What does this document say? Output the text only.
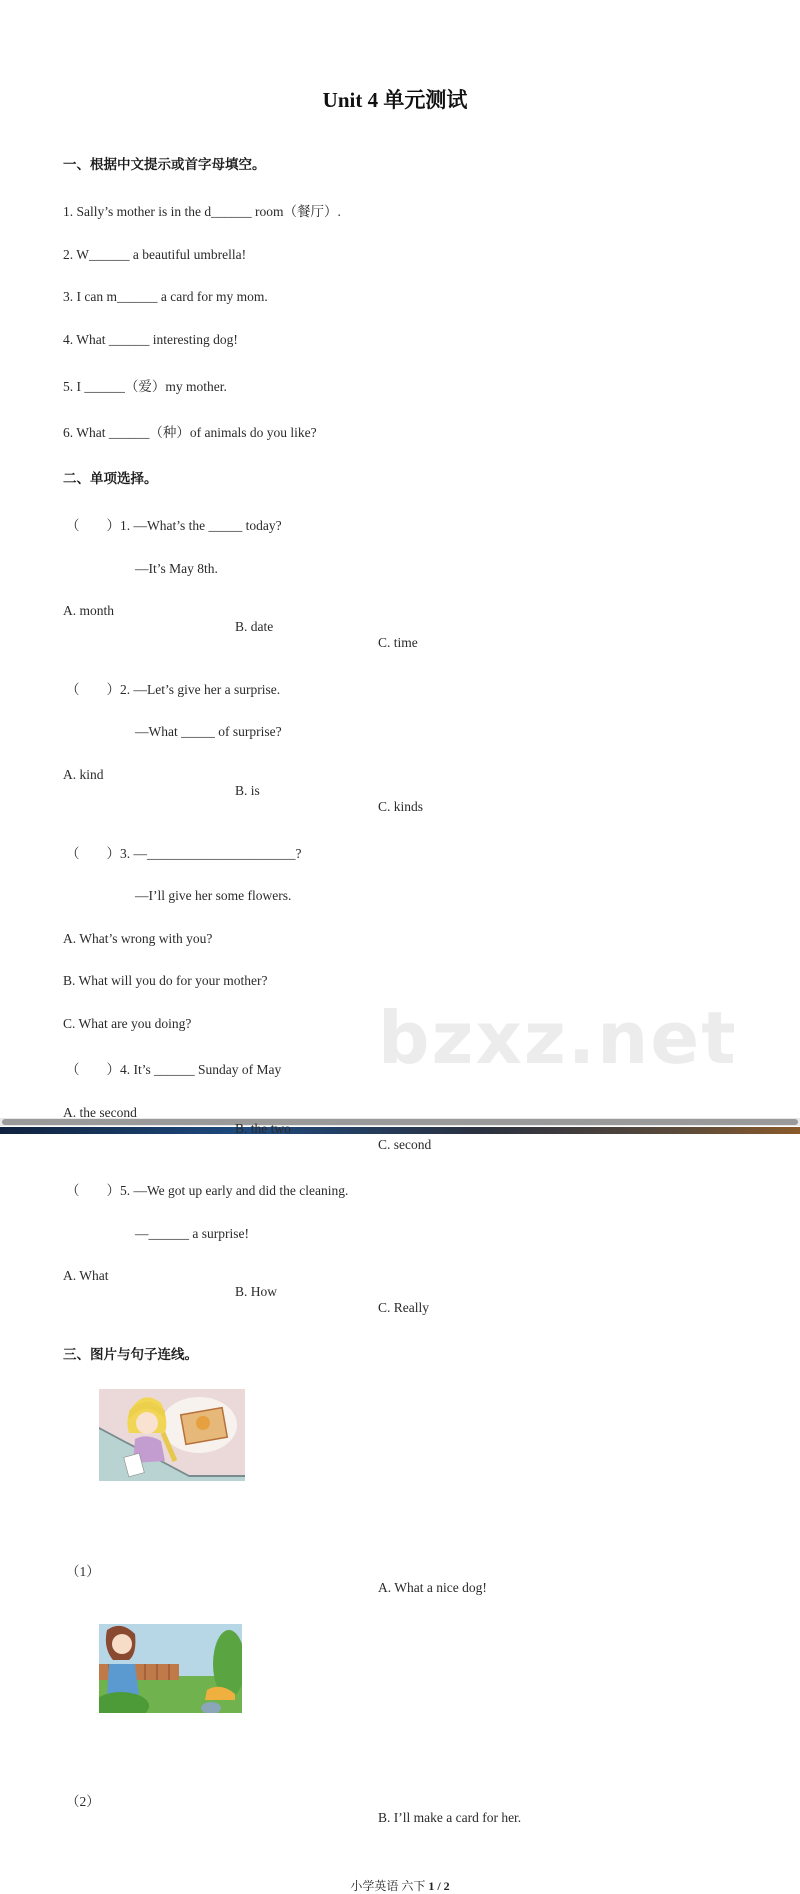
bzxz.net
Unit 4 单元测试
一、根据中文提示或首字母填空。
1. Sally’s mother is in the d______ room（餐厅）.
2. W______ a beautiful umbrella!
3. I can m______ a card for my mom.
4. What ______ interesting dog!
5. I ______（爱）my mother.
6. What ______（种）of animals do you like?
二、单项选择。
（　　）1. —What’s the _____ today?
—It’s May 8th.
A. month
B. date
C. time
（　　）2. —Let’s give her a surprise.
—What _____ of surprise?
A. kind
B. is
C. kinds
（　　）3. —______________________?
—I’ll give her some flowers.
A. What’s wrong with you?
B. What will you do for your mother?
C. What are you doing?
（　　）4. It’s ______ Sunday of May
A. the second
B. the two
C. second
（　　）5. —We got up early and did the cleaning.
—______ a surprise!
A. What
B. How
C. Really
三、图片与句子连线。
（1）
A. What a nice dog!
（2）
B. I’ll make a card for her.
小学英语 六下 1 / 2
